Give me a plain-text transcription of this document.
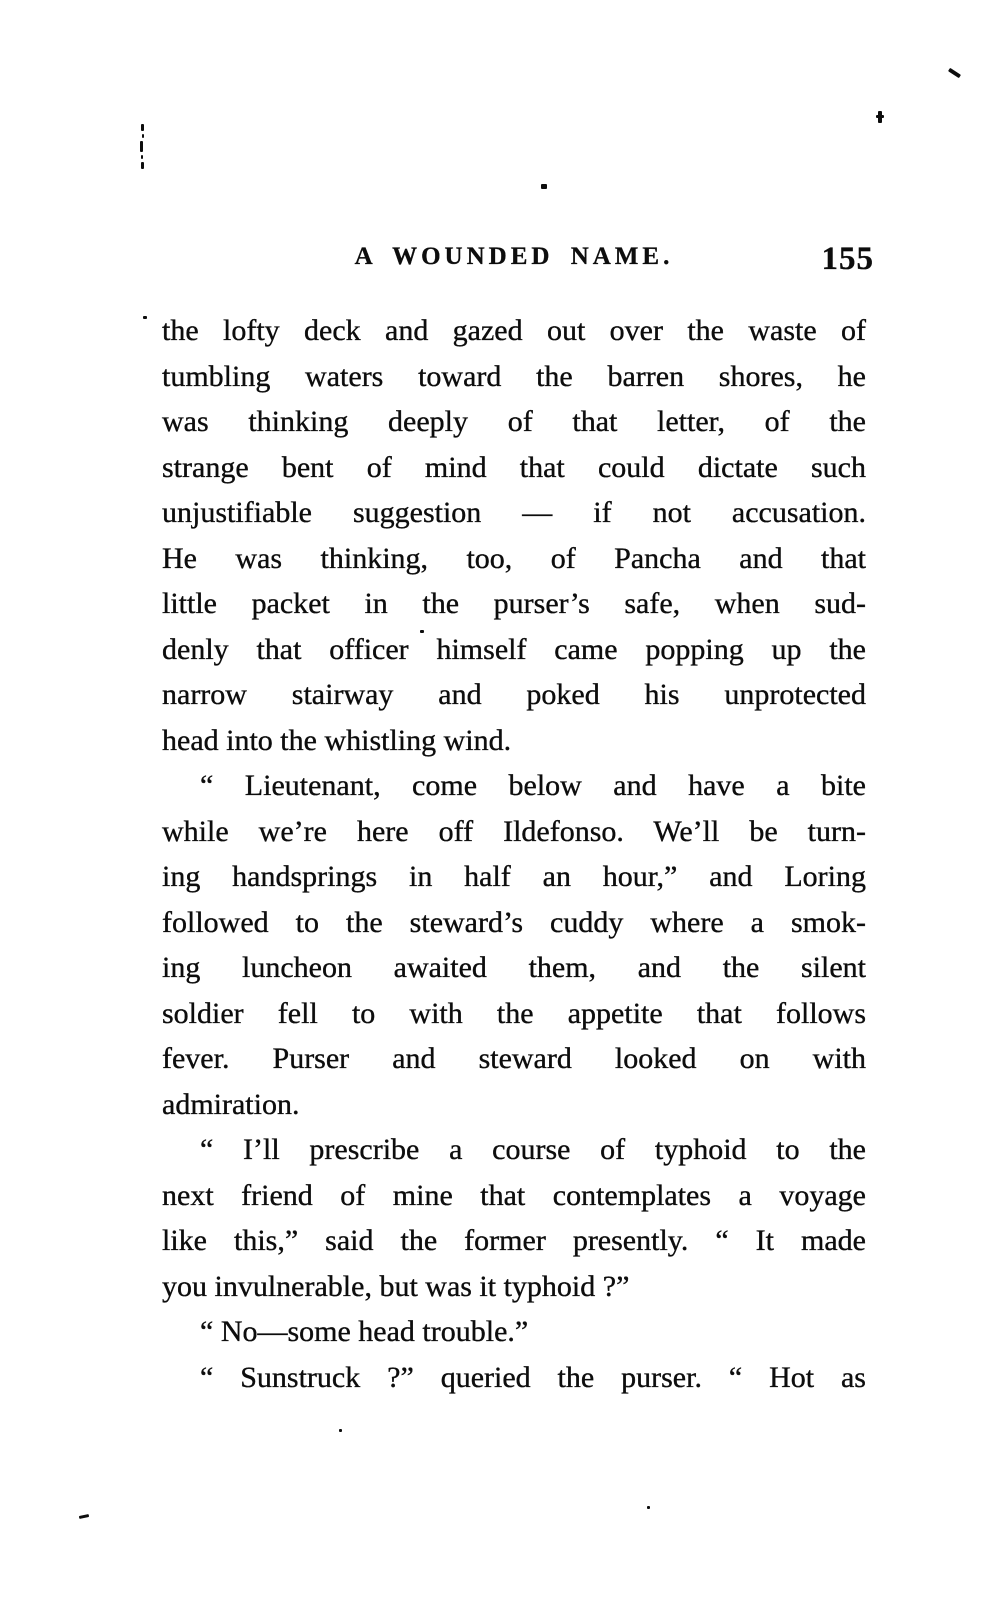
A WOUNDED NAME.	155
the lofty deck and gazed out over the waste of
tumbling waters toward the barren shores, he
was thinking deeply of that letter, of the
strange bent of mind that could dictate such
unjustifiable suggestion — if not accusation.
He was thinking, too, of Pancha and that
little packet in the purser’s safe, when sud-
denly that officer himself came popping up the
narrow stairway and poked his unprotected
head into the whistling wind.
“ Lieutenant, come below and have a bite
while we’re here off Ildefonso. We’ll be turn-
ing handsprings in half an hour,” and Loring
followed to the steward’s cuddy where a smok-
ing luncheon awaited them, and the silent
soldier fell to with the appetite that follows
fever. Purser and steward looked on with
admiration.
“ I’ll prescribe a course of typhoid to the
next friend of mine that contemplates a voyage
like this,” said the former presently. “ It made
you invulnerable, but was it typhoid ?”
“ No—some head trouble.”
“ Sunstruck ?” queried the purser. “ Hot as
